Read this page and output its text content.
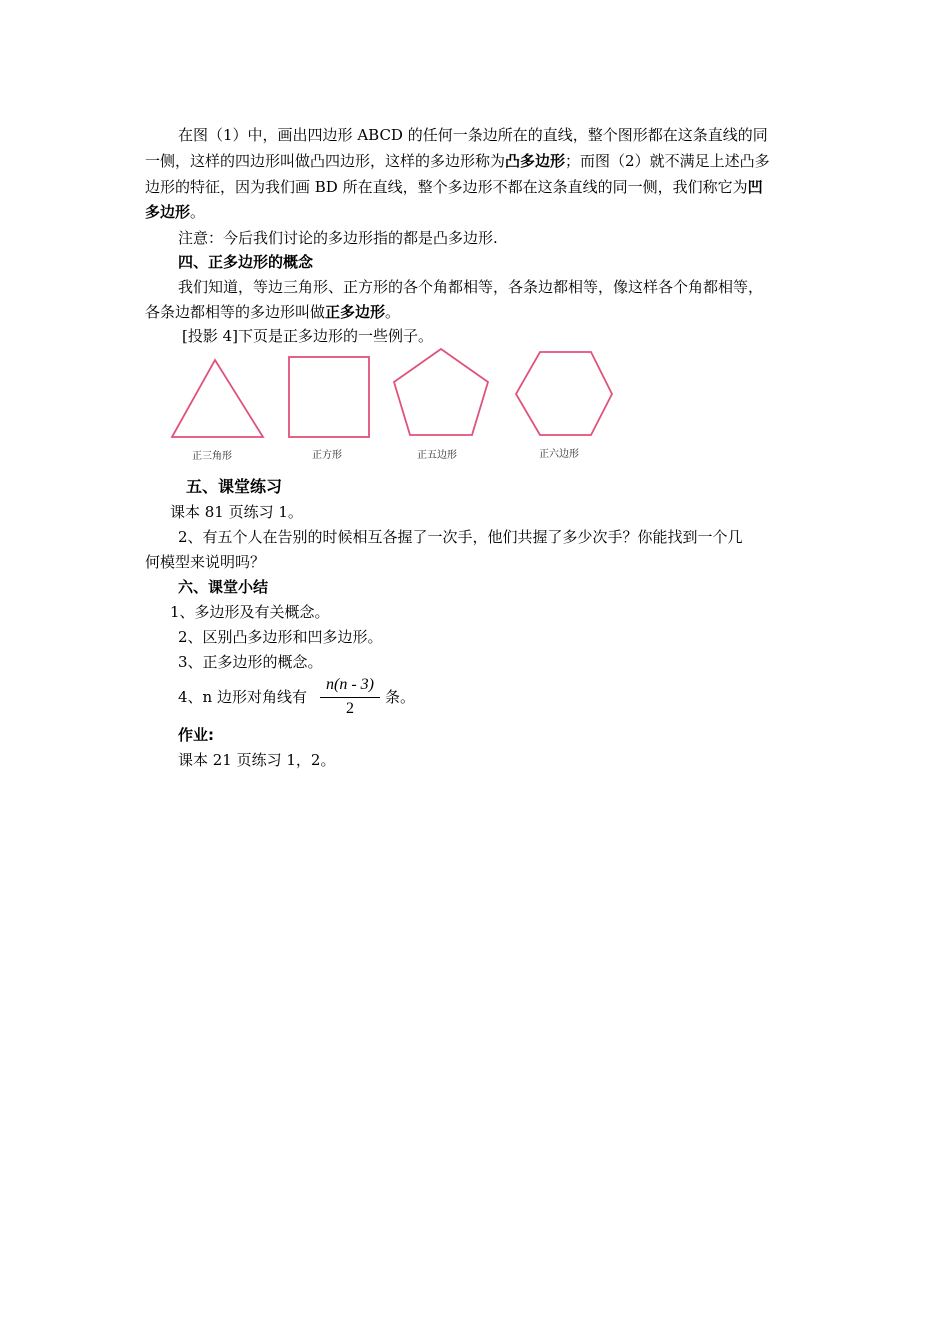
在图（1）中，画出四边形 ABCD 的任何一条边所在的直线，整个图形都在这条直线的同
一侧，这样的四边形叫做凸四边形，这样的多边形称为凸多边形；而图（2）就不满足上述凸多
边形的特征，因为我们画 BD 所在直线，整个多边形不都在这条直线的同一侧，我们称它为凹
多边形。
注意：今后我们讨论的多边形指的都是凸多边形.
四、正多边形的概念
我们知道，等边三角形、正方形的各个角都相等，各条边都相等，像这样各个角都相等，
各条边都相等的多边形叫做正多边形。
[投影 4]下页是正多边形的一些例子。
正三角形	正方形	正五边形	正六边形
五、课堂练习
课本 81 页练习 1。
2、有五个人在告别的时候相互各握了一次手，他们共握了多少次手？你能找到一个几
何模型来说明吗？
六、课堂小结
1、多边形及有关概念。
2、区别凸多边形和凹多边形。
3、正多边形的概念。
4、n 边形对角线有
n(n - 3)
2
条。
作业:
课本 21 页练习 1，2。
